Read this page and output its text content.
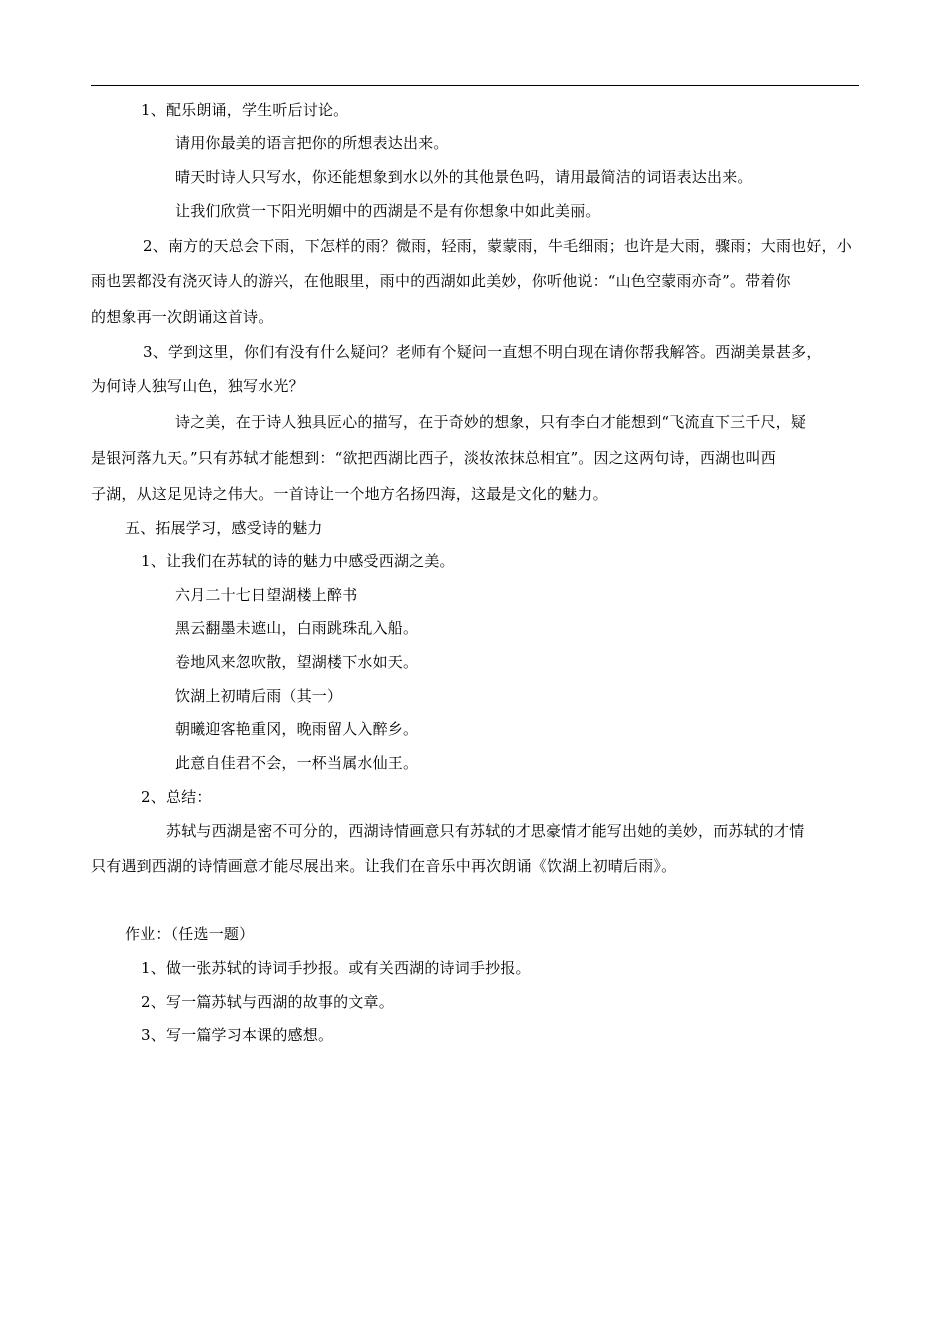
1、配乐朗诵，学生听后讨论。
请用你最美的语言把你的所想表达出来。
晴天时诗人只写水，你还能想象到水以外的其他景色吗，请用最简洁的词语表达出来。
让我们欣赏一下阳光明媚中的西湖是不是有你想象中如此美丽。
2、南方的天总会下雨，下怎样的雨？微雨，轻雨，蒙蒙雨，牛毛细雨；也许是大雨，骤雨；大雨也好，小
雨也罢都没有浇灭诗人的游兴，在他眼里，雨中的西湖如此美妙，你听他说：“山色空蒙雨亦奇”。带着你
的想象再一次朗诵这首诗。
3、学到这里，你们有没有什么疑问？老师有个疑问一直想不明白现在请你帮我解答。西湖美景甚多，
为何诗人独写山色，独写水光？
诗之美，在于诗人独具匠心的描写，在于奇妙的想象，只有李白才能想到“飞流直下三千尺，疑
是银河落九天。”只有苏轼才能想到：“欲把西湖比西子，淡妆浓抹总相宜”。因之这两句诗，西湖也叫西
子湖，从这足见诗之伟大。一首诗让一个地方名扬四海，这最是文化的魅力。
五、拓展学习，感受诗的魅力
1、让我们在苏轼的诗的魅力中感受西湖之美。
六月二十七日望湖楼上醉书
黑云翻墨未遮山，白雨跳珠乱入船。
卷地风来忽吹散，望湖楼下水如天。
饮湖上初晴后雨（其一）
朝曦迎客艳重冈，晚雨留人入醉乡。
此意自佳君不会，一杯当属水仙王。
2、总结：
苏轼与西湖是密不可分的，西湖诗情画意只有苏轼的才思豪情才能写出她的美妙，而苏轼的才情
只有遇到西湖的诗情画意才能尽展出来。让我们在音乐中再次朗诵《饮湖上初晴后雨》。
作业：（任选一题）
1、做一张苏轼的诗词手抄报。或有关西湖的诗词手抄报。
2、写一篇苏轼与西湖的故事的文章。
3、写一篇学习本课的感想。
